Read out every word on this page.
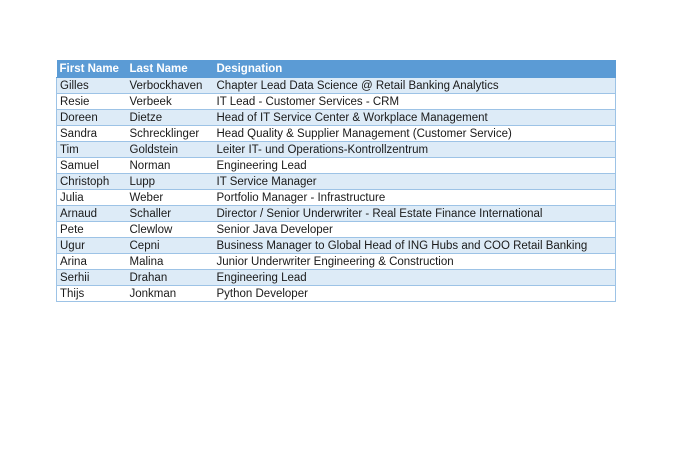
First Name	Last Name	Designation
Gilles	Verbockhaven	Chapter Lead Data Science @ Retail Banking Analytics
Resie	Verbeek	IT Lead - Customer Services - CRM
Doreen	Dietze	Head of IT Service Center & Workplace Management
Sandra	Schrecklinger	Head Quality & Supplier Management (Customer Service)
Tim	Goldstein	Leiter IT- und Operations-Kontrollzentrum
Samuel	Norman	Engineering Lead
Christoph	Lupp	IT Service Manager
Julia	Weber	Portfolio Manager - Infrastructure
Arnaud	Schaller	Director / Senior Underwriter - Real Estate Finance International
Pete	Clewlow	Senior Java Developer
Ugur	Cepni	Business Manager to Global Head of ING Hubs and COO Retail Banking
Arina	Malina	Junior Underwriter Engineering & Construction
Serhii	Drahan	Engineering Lead
Thijs	Jonkman	Python Developer
